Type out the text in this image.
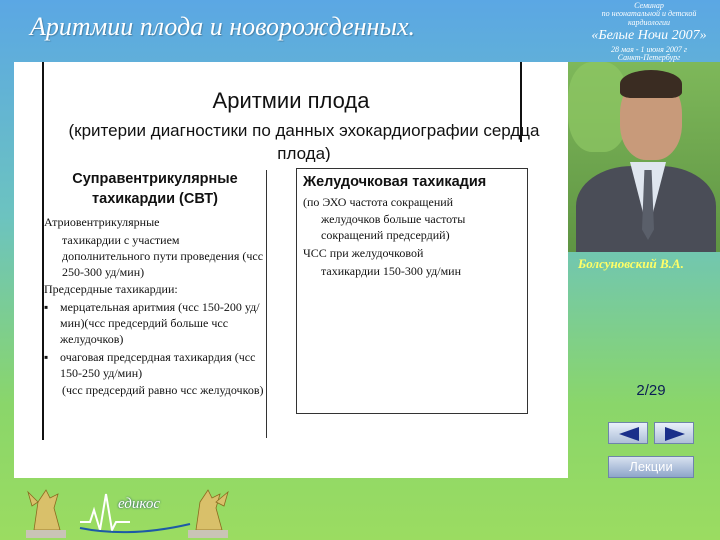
Аритмии плода и новорожденных.
Семинар
по неонатальной и детской
кардиологии
«Белые Ночи 2007»
28 мая - 1 июня 2007 г
Санкт-Петербург
Аритмии плода
(критерии диагностики по данных эхокардиографии сердца плода)
Суправентрикулярные тахикардии (СВТ)
Атриовентрикулярные
тахикардии с участием дополнительного пути проведения (чсс 250-300 уд/мин)
Предсердные тахикардии:
▪ мерцательная аритмия (чсс 150-200 уд/мин)(чсс предсердий больше чсс желудочков)
▪ очаговая предсердная тахикардия (чсс 150-250 уд/мин)
(чсс предсердий равно чсс желудочков)
Желудочковая тахикадия
(по ЭХО частота сокращений
желудочков больше частоты сокращений предсердий)
ЧСС при желудочковой
тахикардии 150-300 уд/мин	Болсуновский В.А.
2/29
Лекции
едикос
